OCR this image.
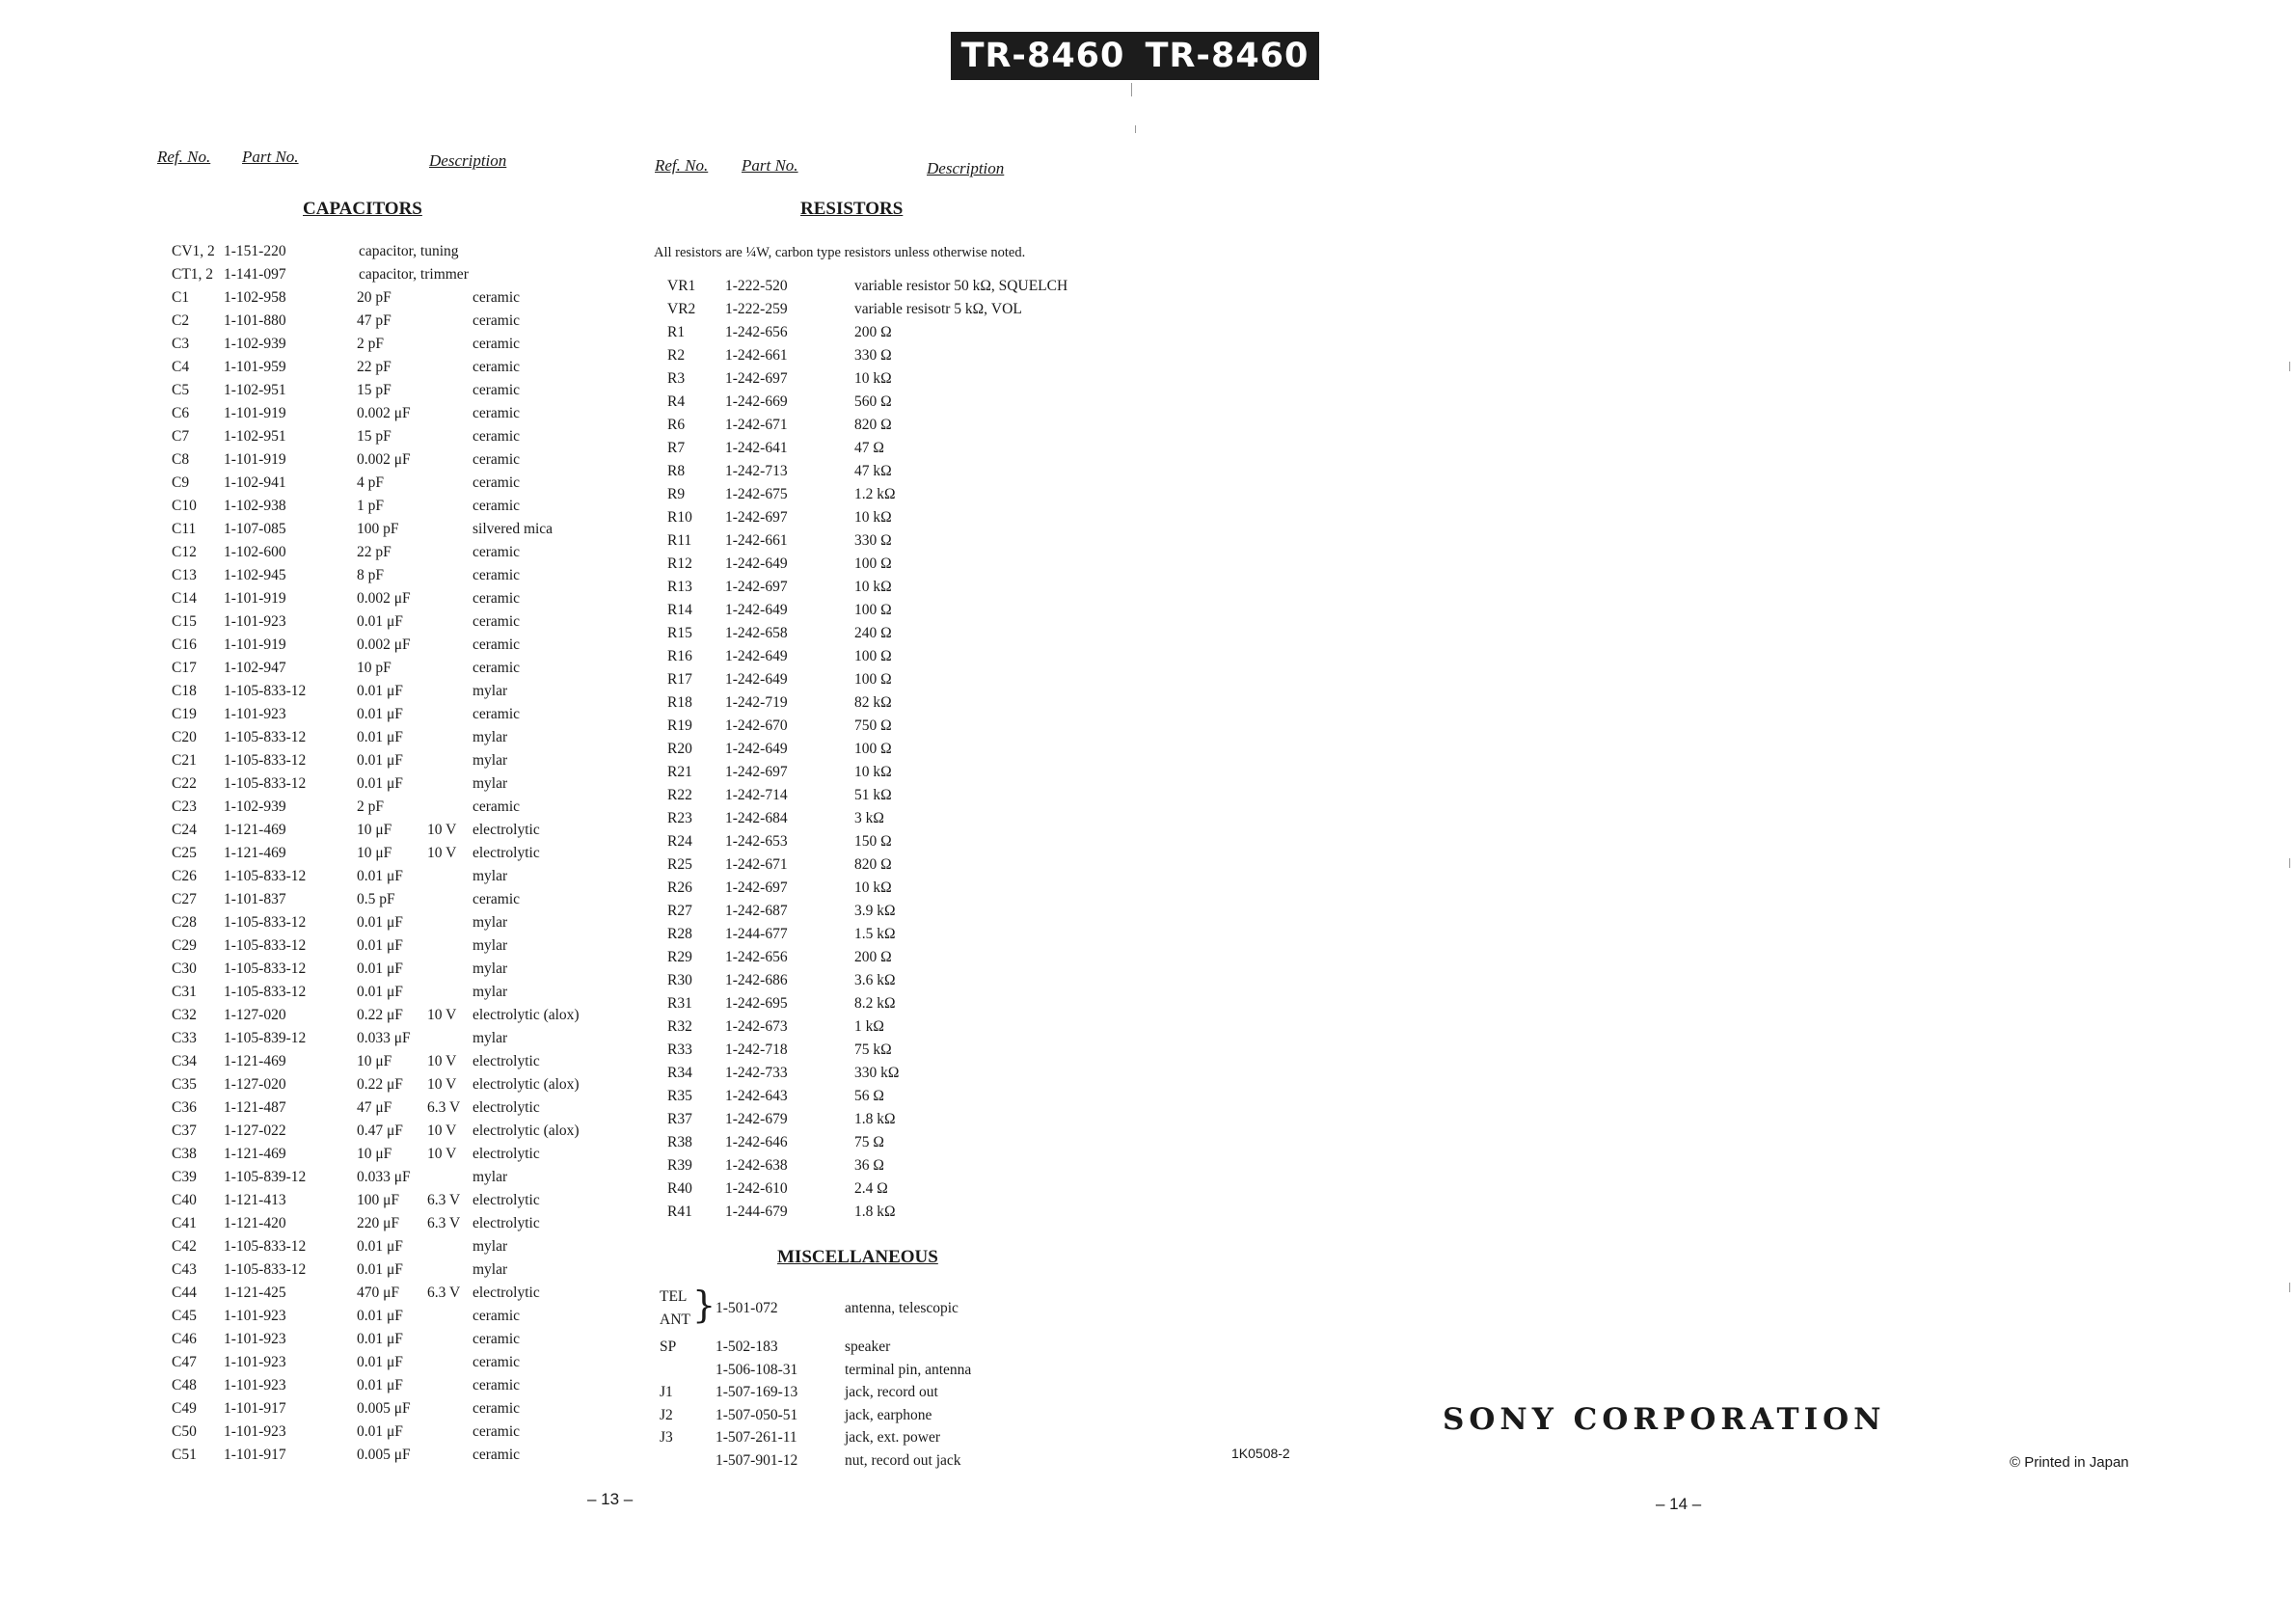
TR-8460 TR-8460
Ref. No. Part No.	Description	Ref. No. Part No.	Description
CAPACITORS
CV1, 2 1-151-220	capacitor, tuning
CT1, 2 1-141-097	capacitor, trimmer
C1 1-102-958	20 pF	ceramic
C2 1-101-880	47 pF	ceramic
C3 1-102-939	2 pF	ceramic
C4 1-101-959	22 pF	ceramic
C5 1-102-951	15 pF	ceramic
C6 1-101-919	0.002 μF	ceramic
C7 1-102-951	15 pF	ceramic
C8 1-101-919	0.002 μF	ceramic
C9 1-102-941	4 pF	ceramic
C10 1-102-938	1 pF	ceramic
C11 1-107-085	100 pF	silvered mica
C12 1-102-600	22 pF	ceramic
C13 1-102-945	8 pF	ceramic
C14 1-101-919	0.002 μF	ceramic
C15 1-101-923	0.01 μF	ceramic
C16 1-101-919	0.002 μF	ceramic
C17 1-102-947	10 pF	ceramic
C18 1-105-833-12	0.01 μF	mylar
C19 1-101-923	0.01 μF	ceramic
C20 1-105-833-12	0.01 μF	mylar
C21 1-105-833-12	0.01 μF	mylar
C22 1-105-833-12	0.01 μF	mylar
C23 1-102-939	2 pF	ceramic
C24 1-121-469	10 μF 10 V electrolytic
C25 1-121-469	10 μF 10 V electrolytic
C26 1-105-833-12	0.01 μF	mylar
C27 1-101-837	0.5 pF	ceramic
C28 1-105-833-12	0.01 μF	mylar
C29 1-105-833-12	0.01 μF	mylar
C30 1-105-833-12	0.01 μF	mylar
C31 1-105-833-12	0.01 μF	mylar
C32 1-127-020	0.22 μF 10 V electrolytic (alox)
C33 1-105-839-12	0.033 μF	mylar
C34 1-121-469	10 μF 10 V electrolytic
C35 1-127-020	0.22 μF 10 V electrolytic (alox)
C36 1-121-487	47 μF 6.3 V electrolytic
C37 1-127-022	0.47 μF 10 V electrolytic (alox)
C38 1-121-469	10 μF 10 V electrolytic
C39 1-105-839-12	0.033 μF	mylar
C40 1-121-413	100 μF 6.3 V electrolytic
C41 1-121-420	220 μF 6.3 V electrolytic
C42 1-105-833-12	0.01 μF	mylar
C43 1-105-833-12	0.01 μF	mylar
C44 1-121-425	470 μF 6.3 V electrolytic
C45 1-101-923	0.01 μF	ceramic
C46 1-101-923	0.01 μF	ceramic
C47 1-101-923	0.01 μF	ceramic
C48 1-101-923	0.01 μF	ceramic
C49 1-101-917	0.005 μF	ceramic
C50 1-101-923	0.01 μF	ceramic
C51 1-101-917	0.005 μF	ceramic
RESISTORS
All resistors are ¼W, carbon type resistors unless otherwise noted.
VR1 1-222-520	variable resistor 50 kΩ, SQUELCH
VR2 1-222-259	variable resisotr 5 kΩ, VOL
R1	1-242-656	200 Ω
R2	1-242-661	330 Ω
R3	1-242-697	10 kΩ
R4	1-242-669	560 Ω
R6	1-242-671	820 Ω
R7	1-242-641	47 Ω
R8	1-242-713	47 kΩ
R9	1-242-675	1.2 kΩ
R10 1-242-697	10 kΩ
R11 1-242-661	330 Ω
R12 1-242-649	100 Ω
R13 1-242-697	10 kΩ
R14 1-242-649	100 Ω
R15 1-242-658	240 Ω
R16 1-242-649	100 Ω
R17 1-242-649	100 Ω
R18 1-242-719	82 kΩ
R19 1-242-670	750 Ω
R20 1-242-649	100 Ω
R21 1-242-697	10 kΩ
R22 1-242-714	51 kΩ
R23 1-242-684	3 kΩ
R24 1-242-653	150 Ω
R25 1-242-671	820 Ω
R26 1-242-697	10 kΩ
R27 1-242-687	3.9 kΩ
R28 1-244-677	1.5 kΩ
R29 1-242-656	200 Ω
R30 1-242-686	3.6 kΩ
R31 1-242-695	8.2 kΩ
R32 1-242-673	1 kΩ
R33 1-242-718	75 kΩ
R34 1-242-733	330 kΩ
R35 1-242-643	56 Ω
R37 1-242-679	1.8 kΩ
R38 1-242-646	75 Ω
R39 1-242-638	36 Ω
R40 1-242-610	2.4 Ω
R41 1-244-679	1.8 kΩ
MISCELLANEOUS
TEL
ANT } 1-501-072	antenna, telescopic
SP	1-502-183	speaker
1-506-108-31	terminal pin, antenna
J1	1-507-169-13	jack, record out
J2	1-507-050-51	jack, earphone
J3	1-507-261-11	jack, ext. power
1-507-901-12	nut, record out jack	1K0508-2
SONY CORPORATION
© Printed in Japan
– 13 –	– 14 –
